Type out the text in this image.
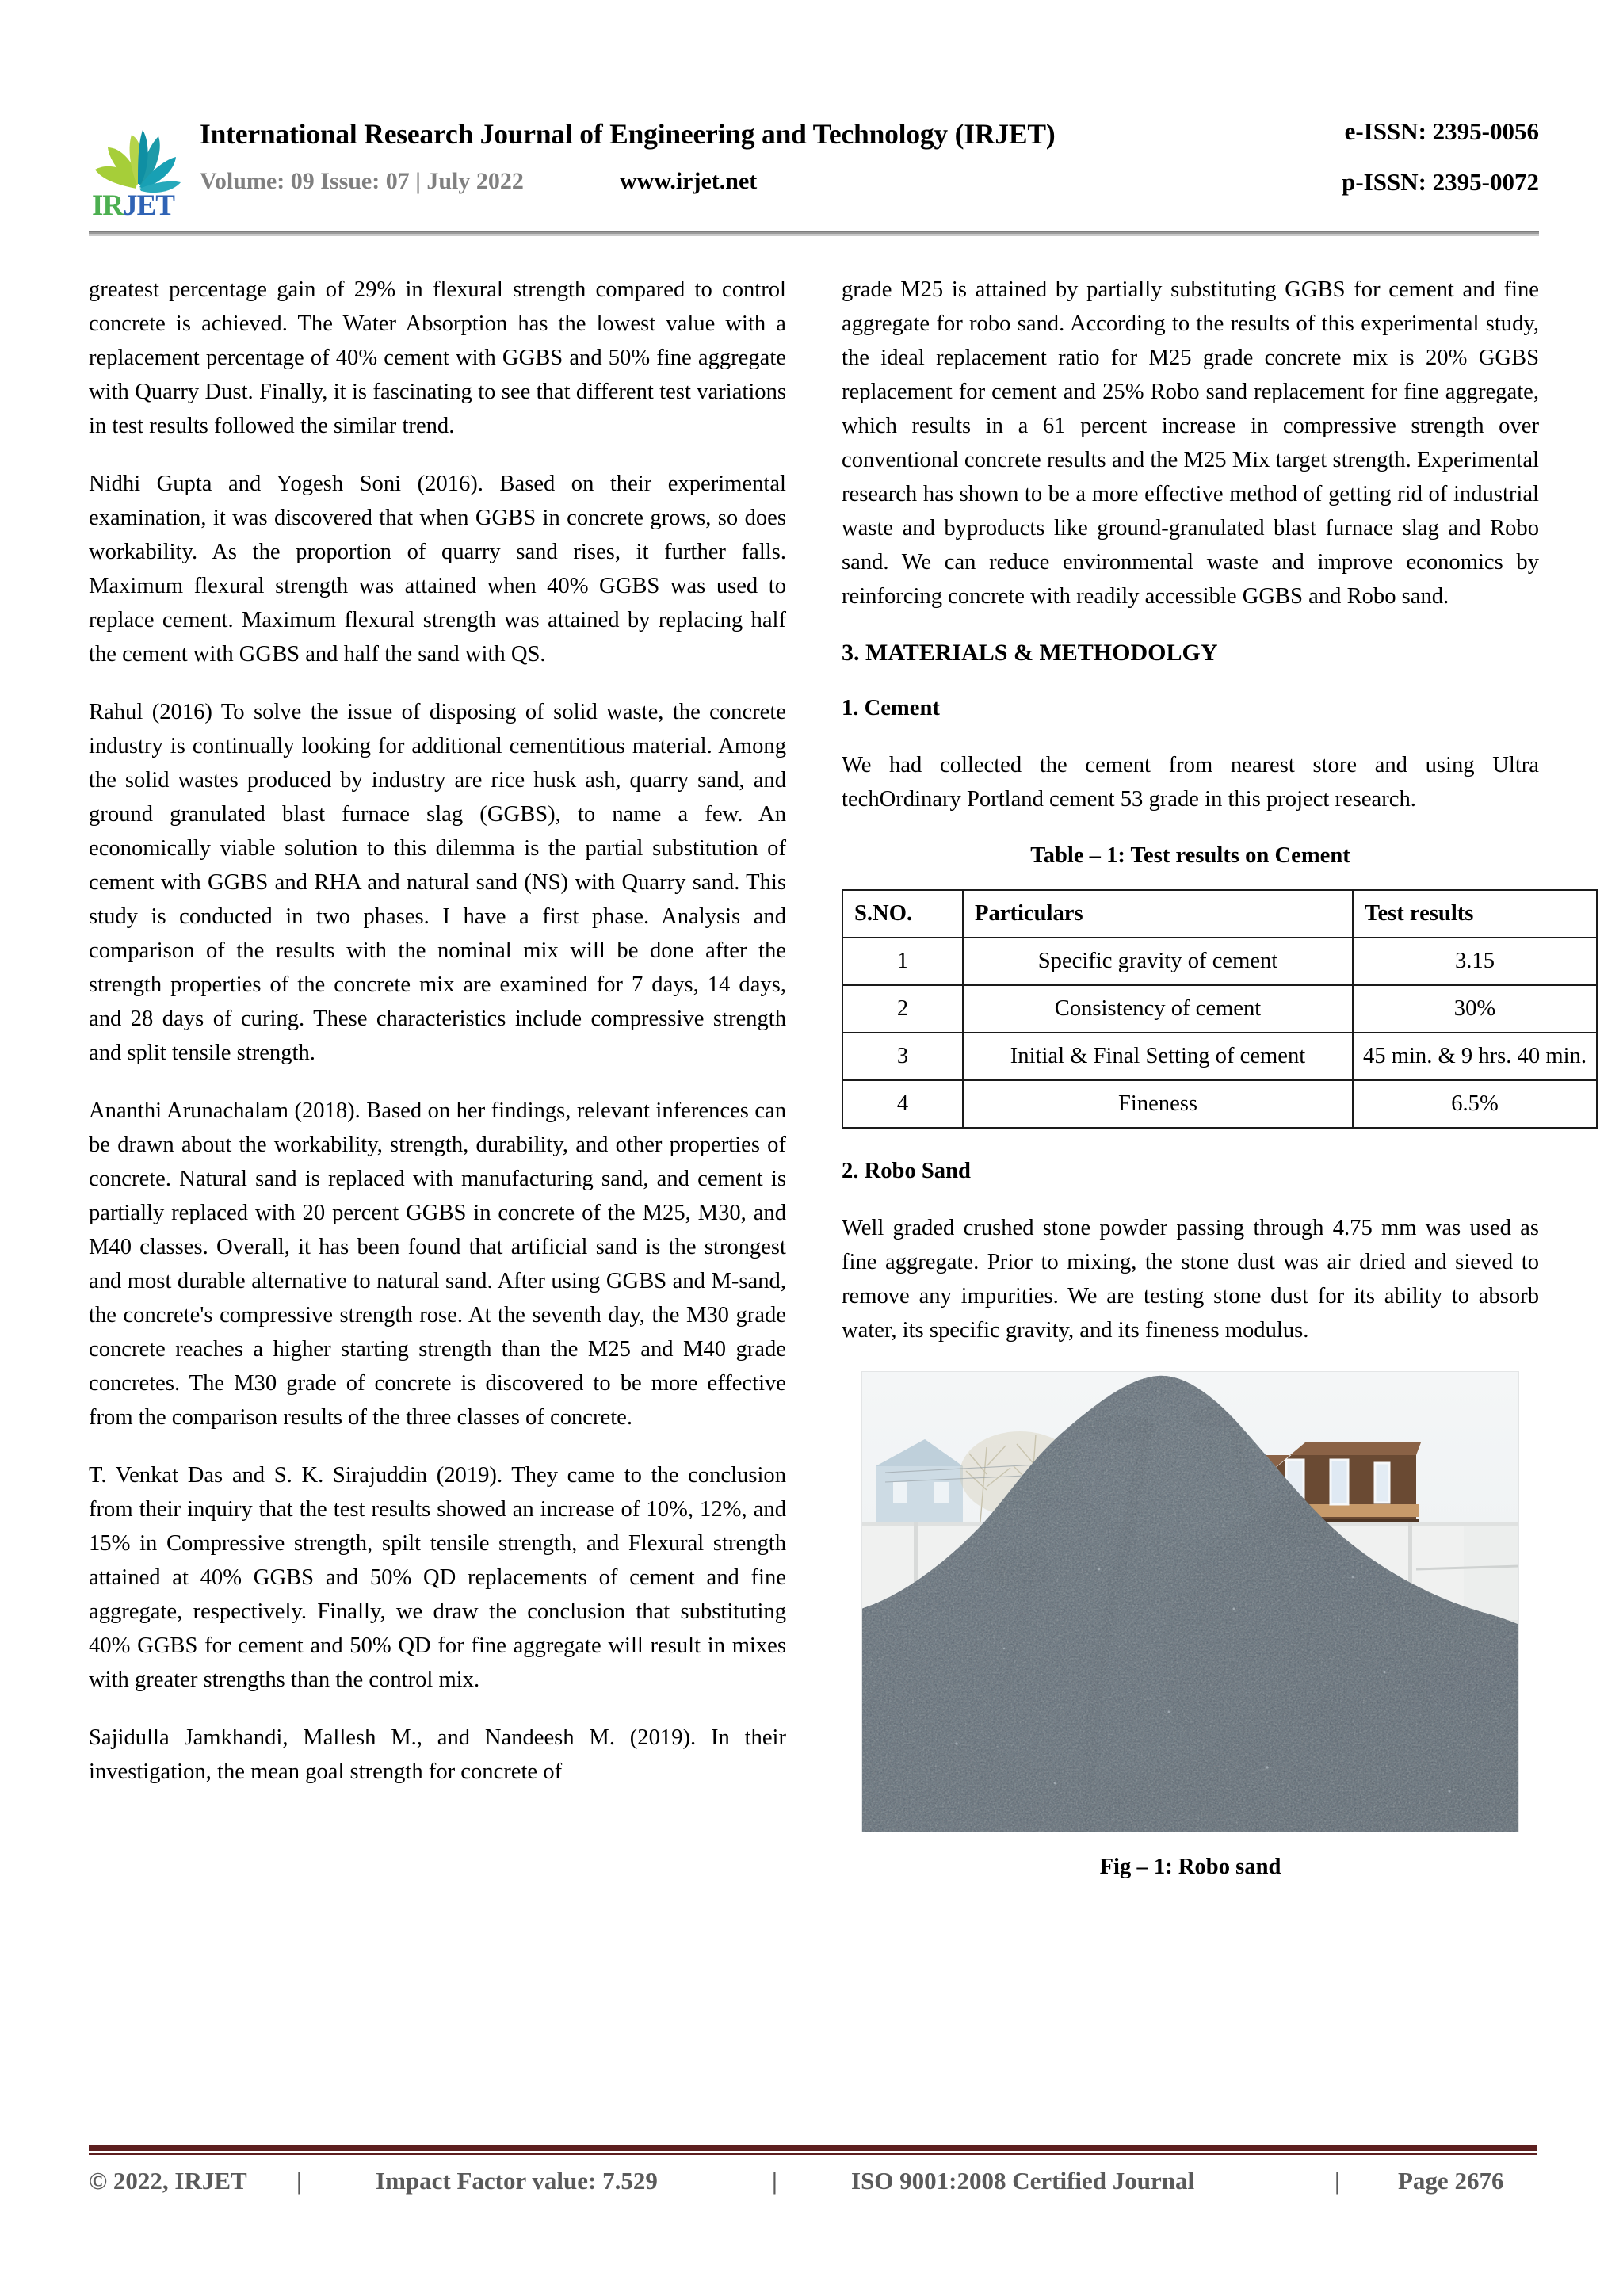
IRJET
International Research Journal of Engineering and Technology (IRJET)	e-ISSN: 2395-0056
Volume: 09 Issue: 07 | July 2022	www.irjet.net	p-ISSN: 2395-0072

greatest percentage gain of 29% in flexural strength compared to control concrete is achieved. The Water Absorption has the lowest value with a replacement percentage of 40% cement with GGBS and 50% fine aggregate with Quarry Dust. Finally, it is fascinating to see that different test variations in test results followed the similar trend.

Nidhi Gupta and Yogesh Soni (2016). Based on their experimental examination, it was discovered that when GGBS in concrete grows, so does workability. As the proportion of quarry sand rises, it further falls. Maximum flexural strength was attained when 40% GGBS was used to replace cement. Maximum flexural strength was attained by replacing half the cement with GGBS and half the sand with QS.

Rahul (2016) To solve the issue of disposing of solid waste, the concrete industry is continually looking for additional cementitious material. Among the solid wastes produced by industry are rice husk ash, quarry sand, and ground granulated blast furnace slag (GGBS), to name a few. An economically viable solution to this dilemma is the partial substitution of cement with GGBS and RHA and natural sand (NS) with Quarry sand. This study is conducted in two phases. I have a first phase. Analysis and comparison of the results with the nominal mix will be done after the strength properties of the concrete mix are examined for 7 days, 14 days, and 28 days of curing. These characteristics include compressive strength and split tensile strength.

Ananthi Arunachalam (2018). Based on her findings, relevant inferences can be drawn about the workability, strength, durability, and other properties of concrete. Natural sand is replaced with manufacturing sand, and cement is partially replaced with 20 percent GGBS in concrete of the M25, M30, and M40 classes. Overall, it has been found that artificial sand is the strongest and most durable alternative to natural sand. After using GGBS and M-sand, the concrete's compressive strength rose. At the seventh day, the M30 grade concrete reaches a higher starting strength than the M25 and M40 grade concretes. The M30 grade of concrete is discovered to be more effective from the comparison results of the three classes of concrete.

T. Venkat Das and S. K. Sirajuddin (2019). They came to the conclusion from their inquiry that the test results showed an increase of 10%, 12%, and 15% in Compressive strength, spilt tensile strength, and Flexural strength attained at 40% GGBS and 50% QD replacements of cement and fine aggregate, respectively. Finally, we draw the conclusion that substituting 40% GGBS for cement and 50% QD for fine aggregate will result in mixes with greater strengths than the control mix.

Sajidulla Jamkhandi, Mallesh M., and Nandeesh M. (2019). In their investigation, the mean goal strength for concrete of

grade M25 is attained by partially substituting GGBS for cement and fine aggregate for robo sand. According to the results of this experimental study, the ideal replacement ratio for M25 grade concrete mix is 20% GGBS replacement for cement and 25% Robo sand replacement for fine aggregate, which results in a 61 percent increase in compressive strength over conventional concrete results and the M25 Mix target strength. Experimental research has shown to be a more effective method of getting rid of industrial waste and byproducts like ground-granulated blast furnace slag and Robo sand. We can reduce environmental waste and improve economics by reinforcing concrete with readily accessible GGBS and Robo sand.

3. MATERIALS & METHODOLGY
1. Cement

We had collected the cement from nearest store and using Ultra techOrdinary Portland cement 53 grade in this project research.

Table – 1: Test results on Cement
S.NO.	Particulars	Test results
1	Specific gravity of cement	3.15
2	Consistency of cement	30%
3	Initial & Final Setting of cement	45 min. & 9 hrs. 40 min.
4	Fineness	6.5%
2. Robo Sand

Well graded crushed stone powder passing through 4.75 mm was used as fine aggregate. Prior to mixing, the stone dust was air dried and sieved to remove any impurities. We are testing stone dust for its ability to absorb water, its specific gravity, and its fineness modulus.

Fig – 1: Robo sand
© 2022, IRJET |	Impact Factor value: 7.529	|	ISO 9001:2008 Certified Journal	| Page 2676
